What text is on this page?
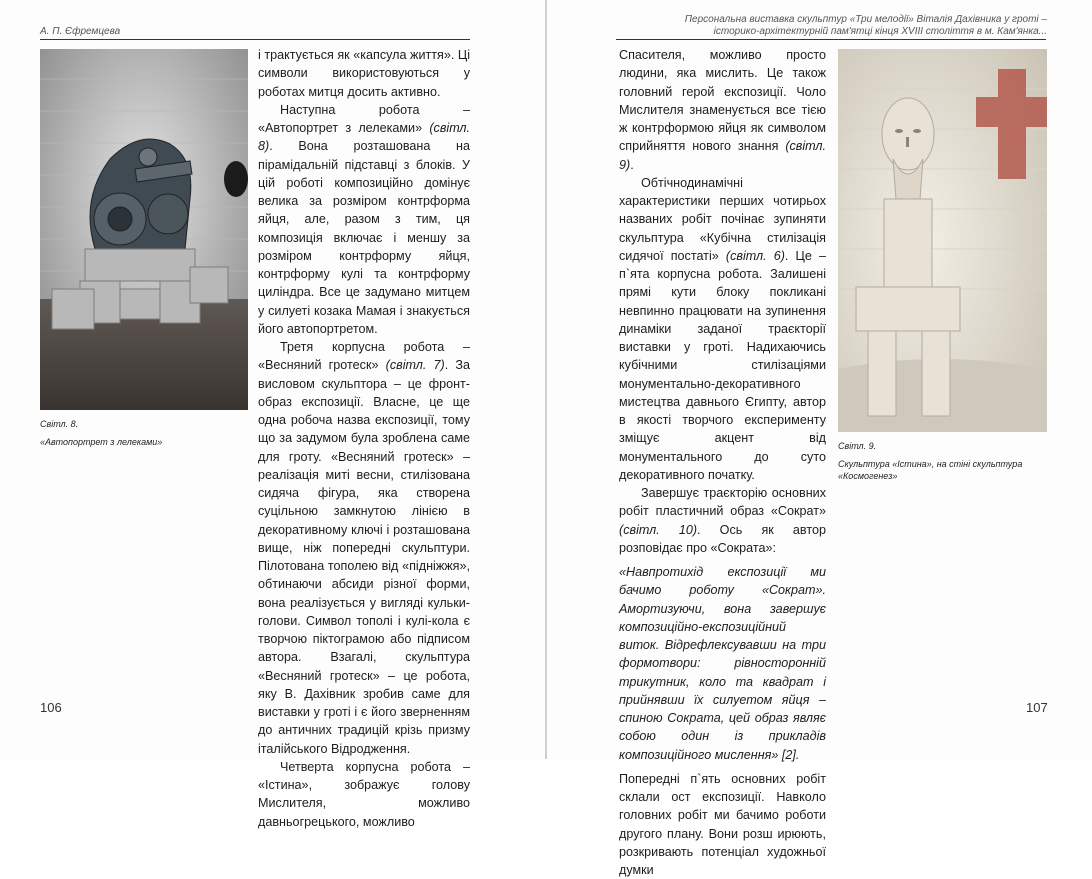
А. П. Єфремцева
Світл. 8.
«Автопортрет з лелеками»

і трактується як «капсула життя». Ці символи використовуються у роботах митця досить активно.

Наступна робота – «Автопортрет з лелеками» (світл. 8). Вона розташована на пірамідальній підставці з блоків. У цій роботі композиційно домінує велика за розміром контрформа яйця, але, разом з тим, ця композиція включає і меншу за розміром контрформу яйця, контрформу кулі та контрформу циліндра. Все це задумано митцем у силуеті козака Мамая і знакується його автопортретом.

Третя корпусна робота – «Весняний гротеск» (світл. 7). За висловом скульптора – це фронт-образ експозиції. Власне, це ще одна робоча назва експозиції, тому що за задумом була зроблена саме для гроту. «Весняний гротеск» – реалізація миті весни, стилізована сидяча фігура, яка створена суцільною замкнутою лінією в декоративному ключі і розташована вище, ніж попередні скульптури. Пілотована тополею від «підніжжя», обтинаючи абсиди різної форми, вона реалізується у вигляді кульки-голови. Символ тополі і кулі-кола є творчою піктограмою або підписом автора. Взагалі, скульптура «Весняний гротеск» – це робота, яку В. Дахівник зробив саме для виставки у гроті і є його зверненням до античних традицій крізь призму італійського Відродження.

Четверта корпусна робота – «Істина», зображує голову Мислителя, можливо давньогрецького, можливо

106
Персональна виставка скульптур «Три мелодії» Віталія Дахівника у гроті –
історико-архітектурній пам'ятці кінця XVIII століття в м. Кам'янка...

Спасителя, можливо просто людини, яка мислить. Це також головний герой експозиції. Чоло Мислителя знаменується все тією ж контрформою яйця як символом сприйняття нового знання (світл. 9).

Обтічнодинамічні характеристики перших чотирьох названих робіт почінає зупиняти скульптура «Кубічна стилізація сидячої постаті» (світл. 6). Це – п`ята корпусна робота. Залишені прямі кути блоку покликані невпинно працювати на зупинення динаміки заданої траєкторії виставки у гроті. Надихаючись кубічними стилізаціями монументально-декоративного мистецтва давнього Єгипту, автор в якості творчого експерименту зміщує акцент від монументального до суто декоративного початку.

Завершує траєкторію основних робіт пластичний образ «Сократ» (світл. 10). Ось як автор розповідає про «Сократа»:

«Навпротихід експозиції ми бачимо роботу «Сократ». Амортизуючи, вона завершує композиційно-експозиційний виток. Відрефлексувавши на три формотвори: рівносторонній трикутник, коло та квадрат і прийнявши їх силуетом яйця – спиною Сократа, цей образ являє собою один із прикладів композиційного мислення» [2].

Попередні п`ять основних робіт склали ост експозиції. Навколо головних робіт ми бачимо роботи другого плану. Вони розш ирюють, розкривають потенціал художньої думки

Світл. 9.
Скульптура «Істина», на стіні скульптура «Космогенез»
107
